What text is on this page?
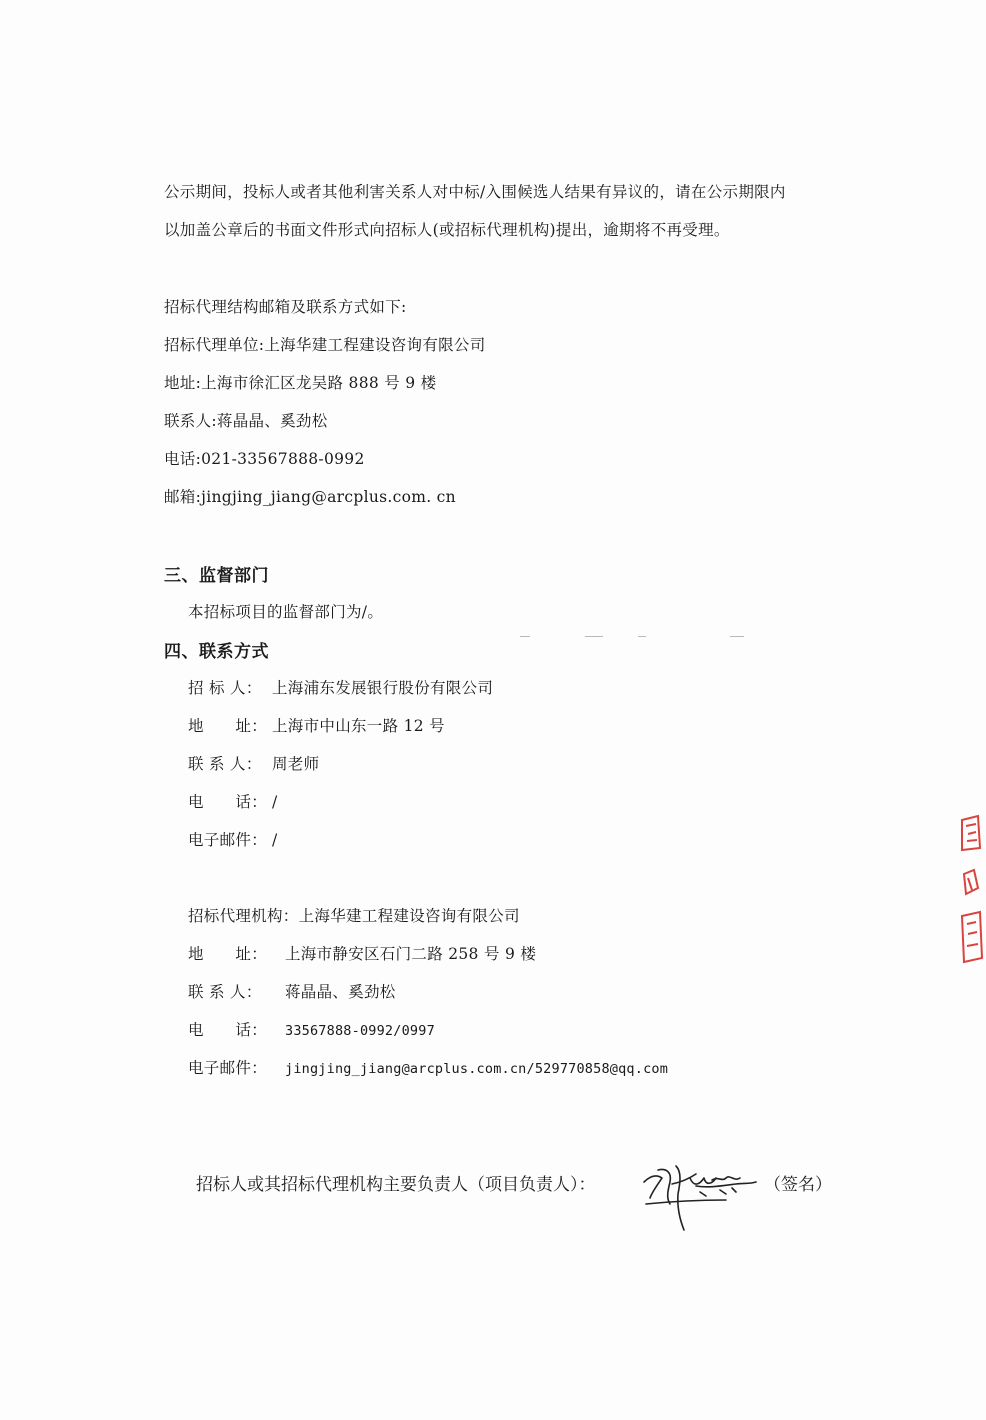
公示期间，投标人或者其他利害关系人对中标/入围候选人结果有异议的，请在公示期限内
以加盖公章后的书面文件形式向招标人(或招标代理机构)提出，逾期将不再受理。
招标代理结构邮箱及联系方式如下:
招标代理单位:上海华建工程建设咨询有限公司
地址:上海市徐汇区龙吴路 888 号 9 楼
联系人:蒋晶晶、奚劲松
电话:021-33567888-0992
邮箱:jingjing_jiang@arcplus.com. cn
三、监督部门
本招标项目的监督部门为/。
四、联系方式
招 标 人： 上海浦东发展银行股份有限公司
地　　址： 上海市中山东一路 12 号
联 系 人： 周老师
电　　话： /
电子邮件： /
招标代理机构：上海华建工程建设咨询有限公司
地　　址： 上海市静安区石门二路 258 号 9 楼
联 系 人： 蒋晶晶、奚劲松
电　　话： 33567888-0992/0997
电子邮件： jingjing_jiang@arcplus.com.cn/529770858@qq.com
招标人或其招标代理机构主要负责人（项目负责人）：	（签名）
